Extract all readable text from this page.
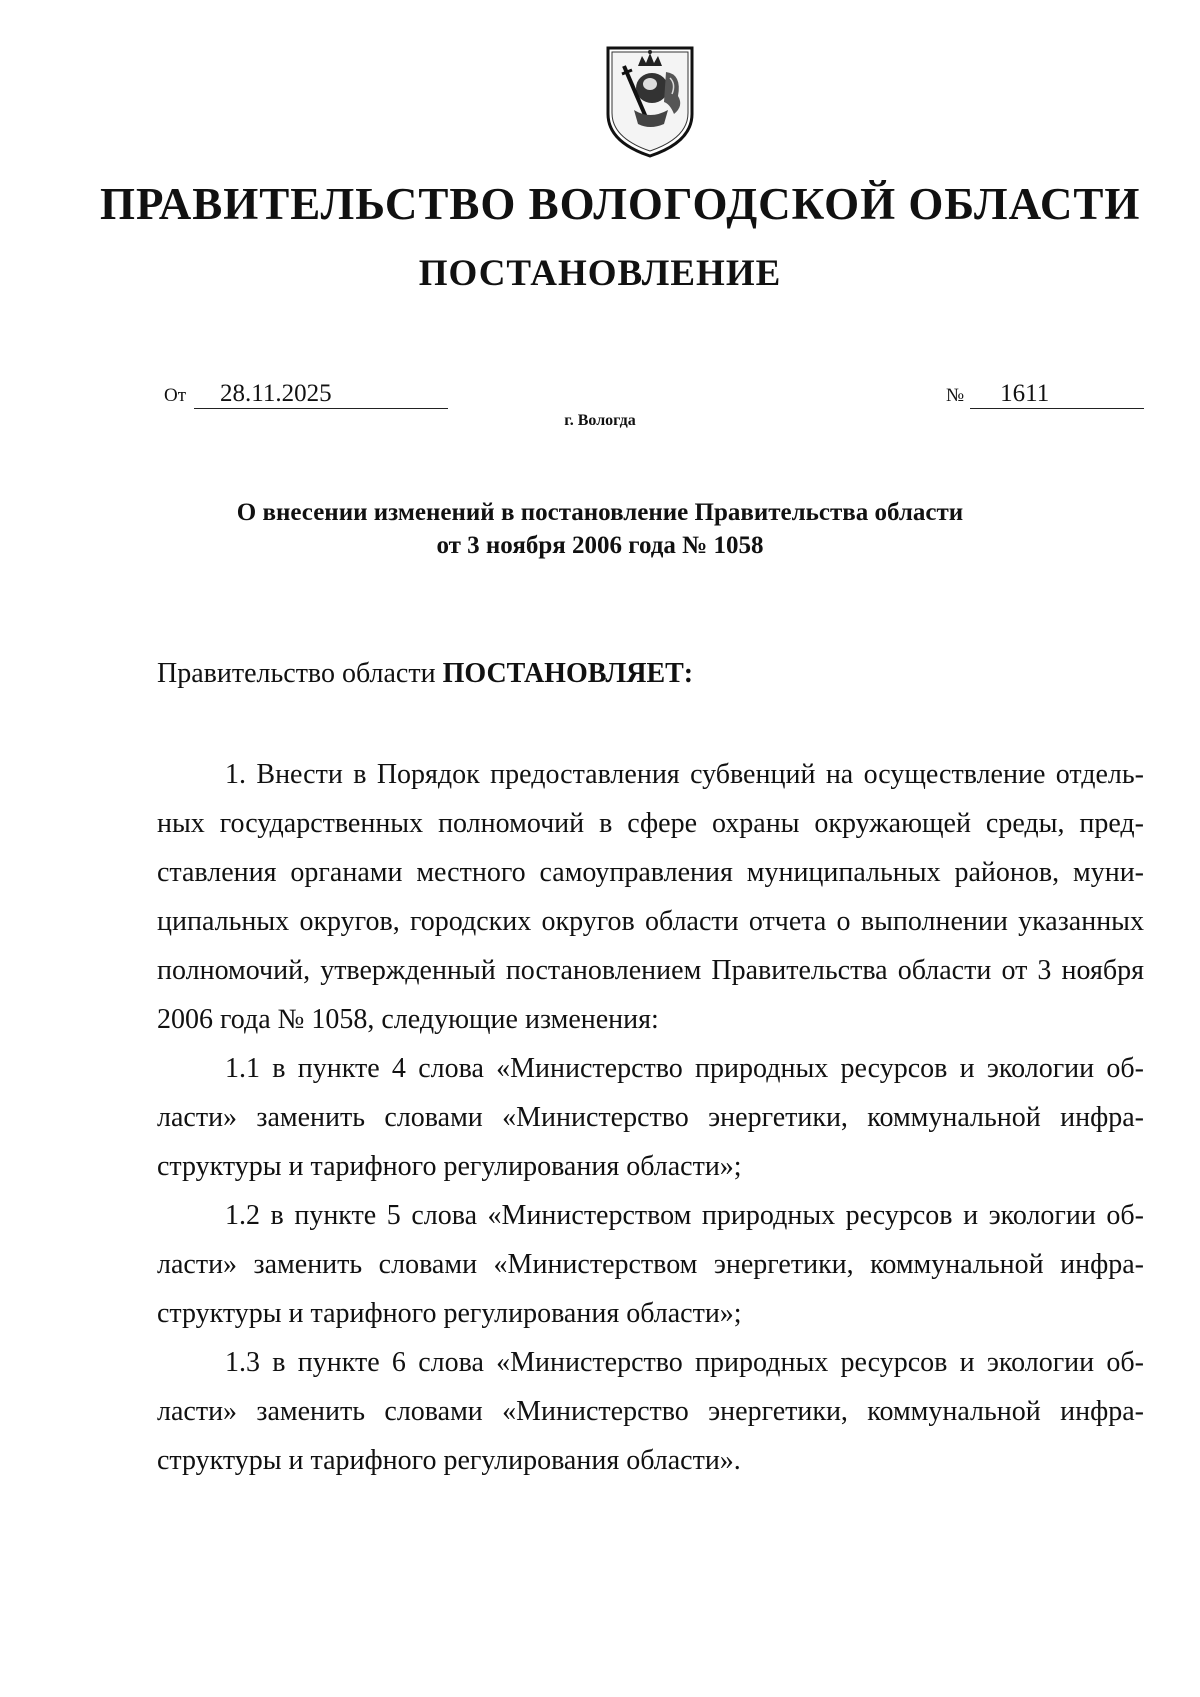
ПРАВИТЕЛЬСТВО ВОЛОГОДСКОЙ ОБЛАСТИ
ПОСТАНОВЛЕНИЕ
От	28.11.2025	№	1611
г. Вологда
О внесении изменений в постановление Правительства области
от 3 ноября 2006 года № 1058
Правительство области ПОСТАНОВЛЯЕТ:
1. Внести в Порядок предоставления субвенций на осуществление отдель-
ных государственных полномочий в сфере охраны окружающей среды, пред-
ставления органами местного самоуправления муниципальных районов, муни-
ципальных округов, городских округов области отчета о выполнении указанных
полномочий, утвержденный постановлением Правительства области от 3 ноября
2006 года № 1058, следующие изменения:
1.1 в пункте 4 слова «Министерство природных ресурсов и экологии об-
ласти» заменить словами «Министерство энергетики, коммунальной инфра-
структуры и тарифного регулирования области»;
1.2 в пункте 5 слова «Министерством природных ресурсов и экологии об-
ласти» заменить словами «Министерством энергетики, коммунальной инфра-
структуры и тарифного регулирования области»;
1.3 в пункте 6 слова «Министерство природных ресурсов и экологии об-
ласти» заменить словами «Министерство энергетики, коммунальной инфра-
структуры и тарифного регулирования области».
